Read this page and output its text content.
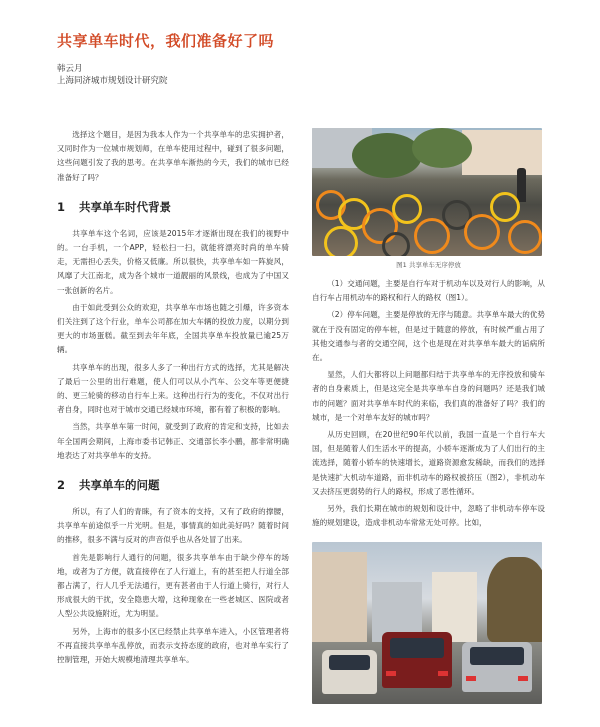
共享单车时代，我们准备好了吗
韩云月
上海同济城市规划设计研究院

选择这个题目，是因为我本人作为一个共享单车的忠实拥护者，又同时作为一位城市规划师，在单车使用过程中，碰到了很多问题，这些问题引发了我的思考。在共享单车渐热的今天，我们的城市已经准备好了吗？

1 共享单车时代背景

共享单车这个名词，应该是2015年才逐渐出现在我们的视野中的。一台手机，一个APP，轻松扫一扫，就能将漂亮时尚的单车骑走，无需担心丢失，价格又低廉。所以很快，共享单车如一阵旋风，风靡了大江南北，成为各个城市一道靓丽的风景线，也成为了中国又一张创新的名片。

由于如此受到公众的欢迎，共享单车市场也随之引爆，许多资本们关注到了这个行业，单车公司都在加大车辆的投放力度，以期分到更大的市场蛋糕。截至到去年年底，全国共享单车投放量已逾25万辆。

共享单车的出现，很多人多了一种出行方式的选择，尤其是解决了最后一公里的出行难题，使人们可以从小汽车、公交车等更便捷的、更三轮骑的移动自行车上来。这种出行行为的变化，不仅对出行者自身，同时也对于城市交通已经城市环境，都有着了积极的影响。

当然，共享单车第一时间，就受到了政府的肯定和支持，比如去年全国两会期间，上海市委书记韩正、交通部长李小鹏，都非常明确地表达了对共享单车的支持。

2 共享单车的问题

所以，有了人们的青睐，有了资本的支持，又有了政府的撑腰，共享单车前途似乎一片光明。但是，事情真的如此美好吗？随着时间的推移，很多不满与反对的声音似乎也从各处冒了出来。

首先是影响行人通行的问题，很多共享单车由于缺少停车的场地，或者为了方便，就直接停在了人行道上，有的甚至把人行道全部都占满了，行人几乎无法通行，更有甚者由于人行道上骑行，对行人形成很大的干扰，安全隐患大增，这种现象在一些老城区、医院或者人型公共设施附近，尤为明显。

另外，上海市的很多小区已经禁止共享单车进入，小区管理者将不再直接共享单车乱停放，而表示支持态度的政府，也对单车实行了控制管理，开始大规模地清理共享单车。

图1 共享单车无序停放

（1）交通问题，主要是自行车对于机动车以及对行人的影响，从自行车占用机动车的路权和行人的路权（图1）。

（2）停车问题，主要是停放的无序与随意。共享单车最大的优势就在于没有固定的停车桩，但是过于随意的停放，有时候严重占用了其他交通参与者的交通空间，这个也是现在对共享单车最大的诟病所在。

显然，人们大都将以上问题都归结于共享单车的无序投放和骑车者的自身素质上，但是这完全是共享单车自身的问题吗？还是我们城市的问题？面对共享单车时代的来临，我们真的准备好了吗？我们的城市，是一个对单车友好的城市吗？

从历史回顾，在20世纪90年代以前，我国一直是一个自行车大国，但是随着人们生活水平的提高，小轿车逐渐成为了人们出行的主流选择，随着小轿车的快速增长，道路资源愈发稀缺，而我们的选择是快速扩大机动车道路，而非机动车的路权被挤压（图2），非机动车又去挤压更弱势的行人的路权，形成了恶性循环。

另外，我们长期在城市的规划和设计中，忽略了非机动车停车设施的规划建设，造成非机动车常常无处可停。比如，
